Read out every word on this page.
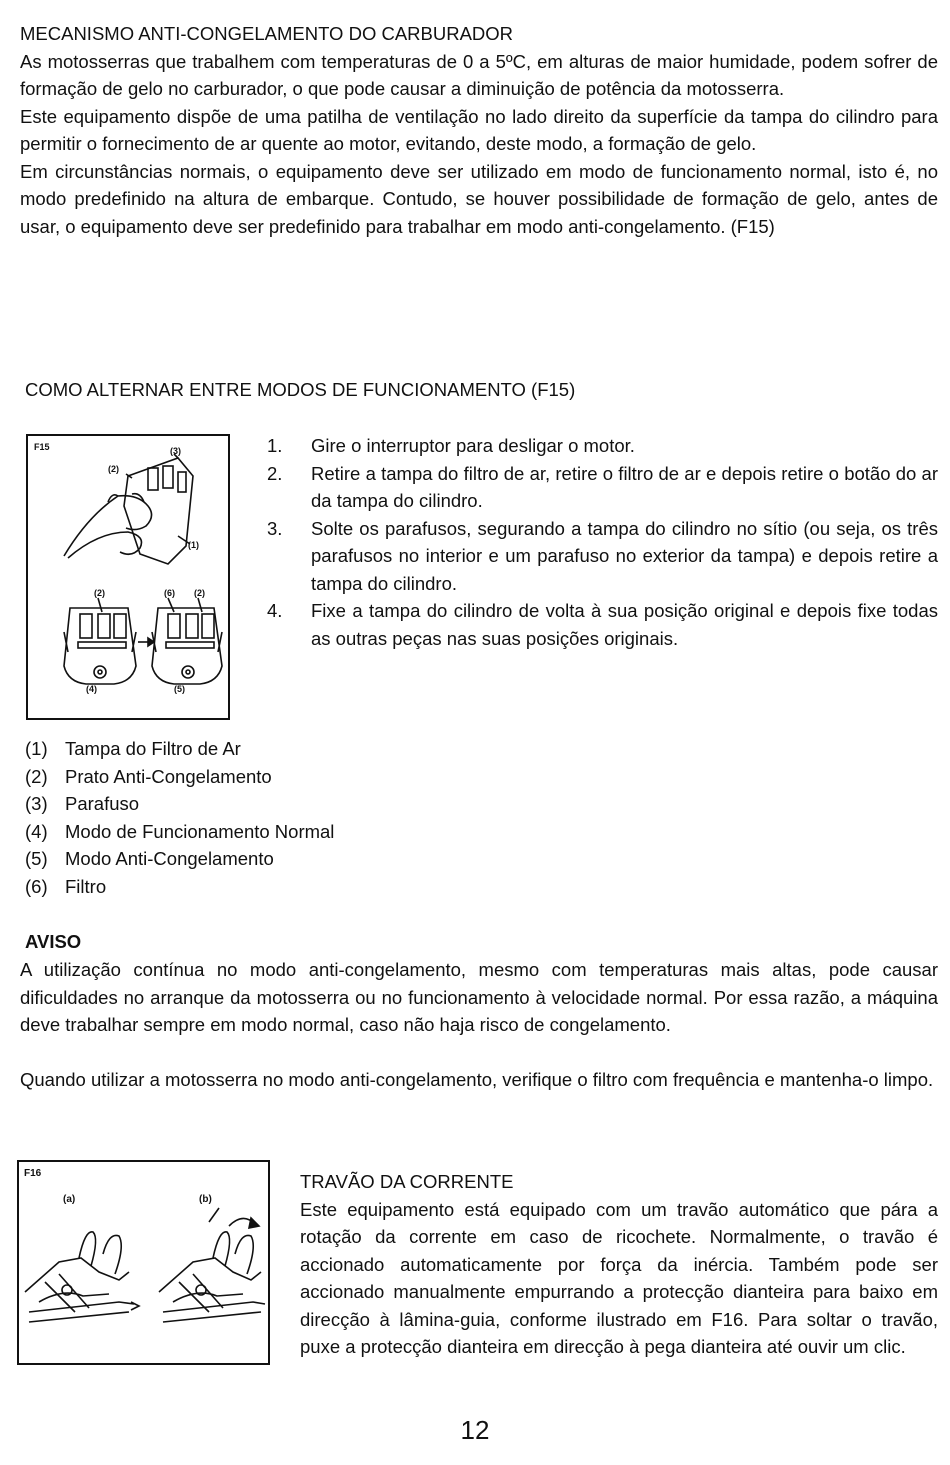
MECANISMO ANTI-CONGELAMENTO DO CARBURADOR

As motosserras que trabalhem com temperaturas de 0 a 5ºC, em alturas de maior humidade, podem sofrer de formação de gelo no carburador, o que pode causar a diminuição de potência da motosserra.

Este equipamento dispõe de uma patilha de ventilação no lado direito da superfície da tampa do cilindro para permitir o fornecimento de ar quente ao motor, evitando, deste modo, a formação de gelo.

Em circunstâncias normais, o equipamento deve ser utilizado em modo de funcionamento normal, isto é, no modo predefinido na altura de embarque. Contudo, se houver possibilidade de formação de gelo, antes de usar, o equipamento deve ser predefinido para trabalhar em modo anti-congelamento. (F15)

COMO ALTERNAR ENTRE MODOS DE FUNCIONAMENTO (F15)
F15	(3)
(2)
(1)
(2)	(6) (2)
(4)	(5)
1. Gire o interruptor para desligar o motor.
2. Retire a tampa do filtro de ar, retire o filtro de ar e depois retire o botão do ar da tampa do cilindro.
3. Solte os parafusos, segurando a tampa do cilindro no sítio (ou seja, os três parafusos no interior e um parafuso no exterior da tampa) e depois retire a tampa do cilindro.
4. Fixe a tampa do cilindro de volta à sua posição original e depois fixe todas as outras peças nas suas posições originais.
(1) Tampa do Filtro de Ar
(2) Prato Anti-Congelamento
(3) Parafuso
(4) Modo de Funcionamento Normal
(5) Modo Anti-Congelamento
(6) Filtro
AVISO

A utilização contínua no modo anti-congelamento, mesmo com temperaturas mais altas, pode causar dificuldades no arranque da motosserra ou no funcionamento à velocidade normal. Por essa razão, a máquina deve trabalhar sempre em modo normal, caso não haja risco de congelamento.

Quando utilizar a motosserra no modo anti-congelamento, verifique o filtro com frequência e mantenha-o limpo.

F16
(a)	(b)

TRAVÃO DA CORRENTE

Este equipamento está equipado com um travão automático que pára a rotação da corrente em caso de ricochete. Normalmente, o travão é accionado automaticamente por força da inércia. Também pode ser accionado manualmente empurrando a protecção dianteira para baixo em direcção à lâmina-guia, conforme ilustrado em F16. Para soltar o travão, puxe a protecção dianteira em direcção à pega dianteira até ouvir um clic.

12
